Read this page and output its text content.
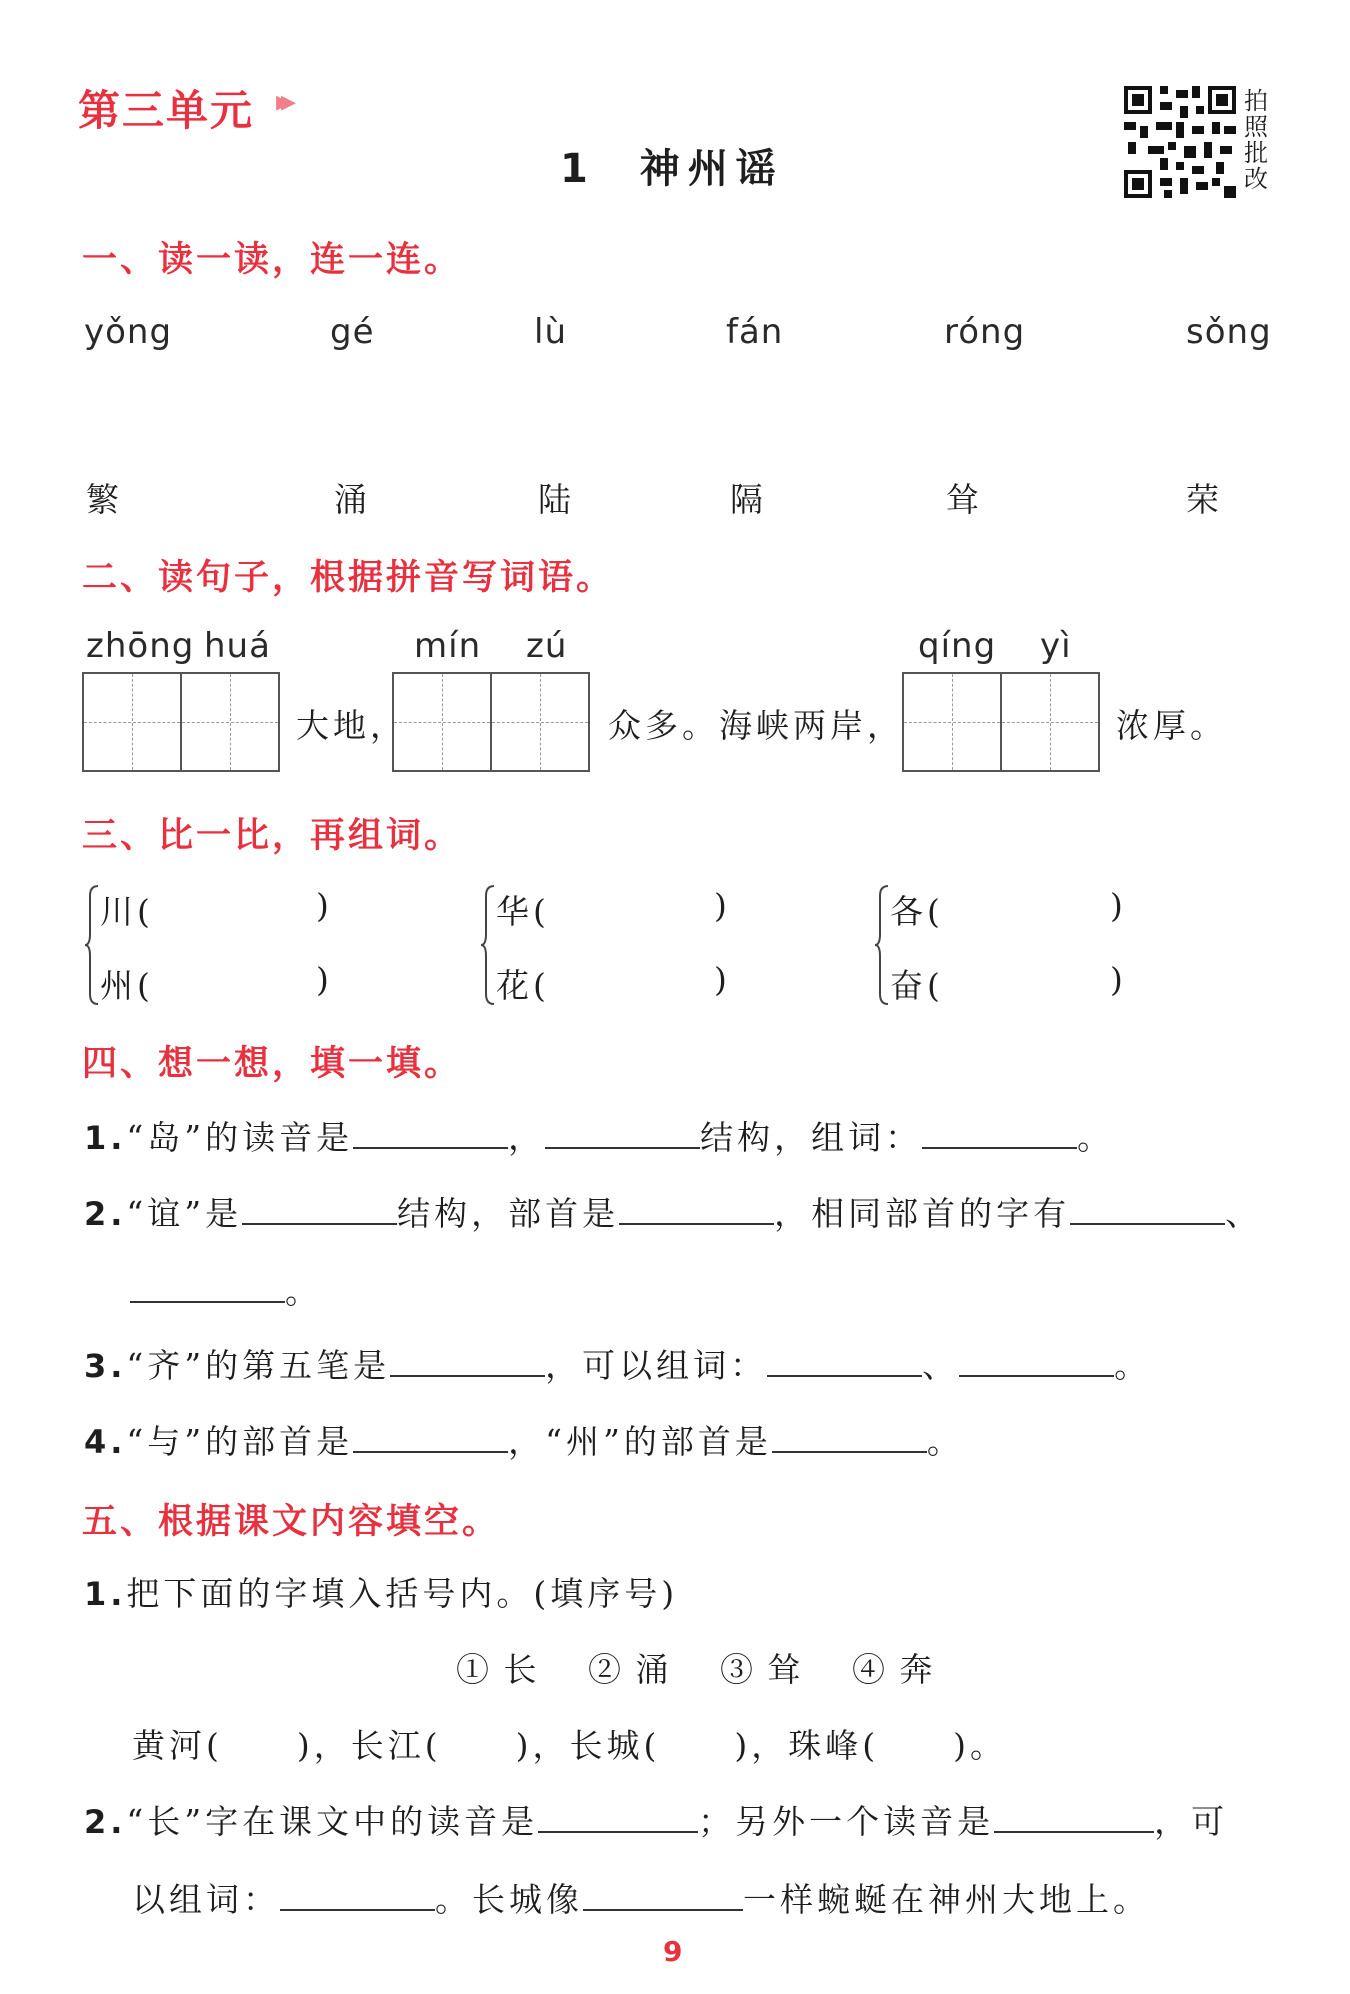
第三单元 ▸▸
1 神州谣
拍照批改
一、读一读，连一连。
yǒng	gé	lù	fán	róng	sǒng
繁	涌	陆	隔	耸	荣
二、读句子，根据拼音写词语。
zhōng huá	mín zú	qíng yì
大地，	众多。海峡两岸，	浓厚。
三、比一比，再组词。
川(	)
州(	)
华(	)
花(	)
各(	)
奋(	)
四、想一想，填一填。
1.“岛”的读音是	，	结构，组词：	。
2.“谊”是	结构，部首是	，相同部首的字有	、
。
3.“齐”的第五笔是	，可以组词：	、	。
4.“与”的部首是	，“州”的部首是	。
五、根据课文内容填空。
1.把下面的字填入括号内。(填序号)
① 长 ② 涌 ③ 耸 ④ 奔
黄河(　　)，长江(　　)，长城(　　)，珠峰(　　)。
2.“长”字在课文中的读音是	；另外一个读音是	，可
以组词：	。长城像	一样蜿蜒在神州大地上。
9
